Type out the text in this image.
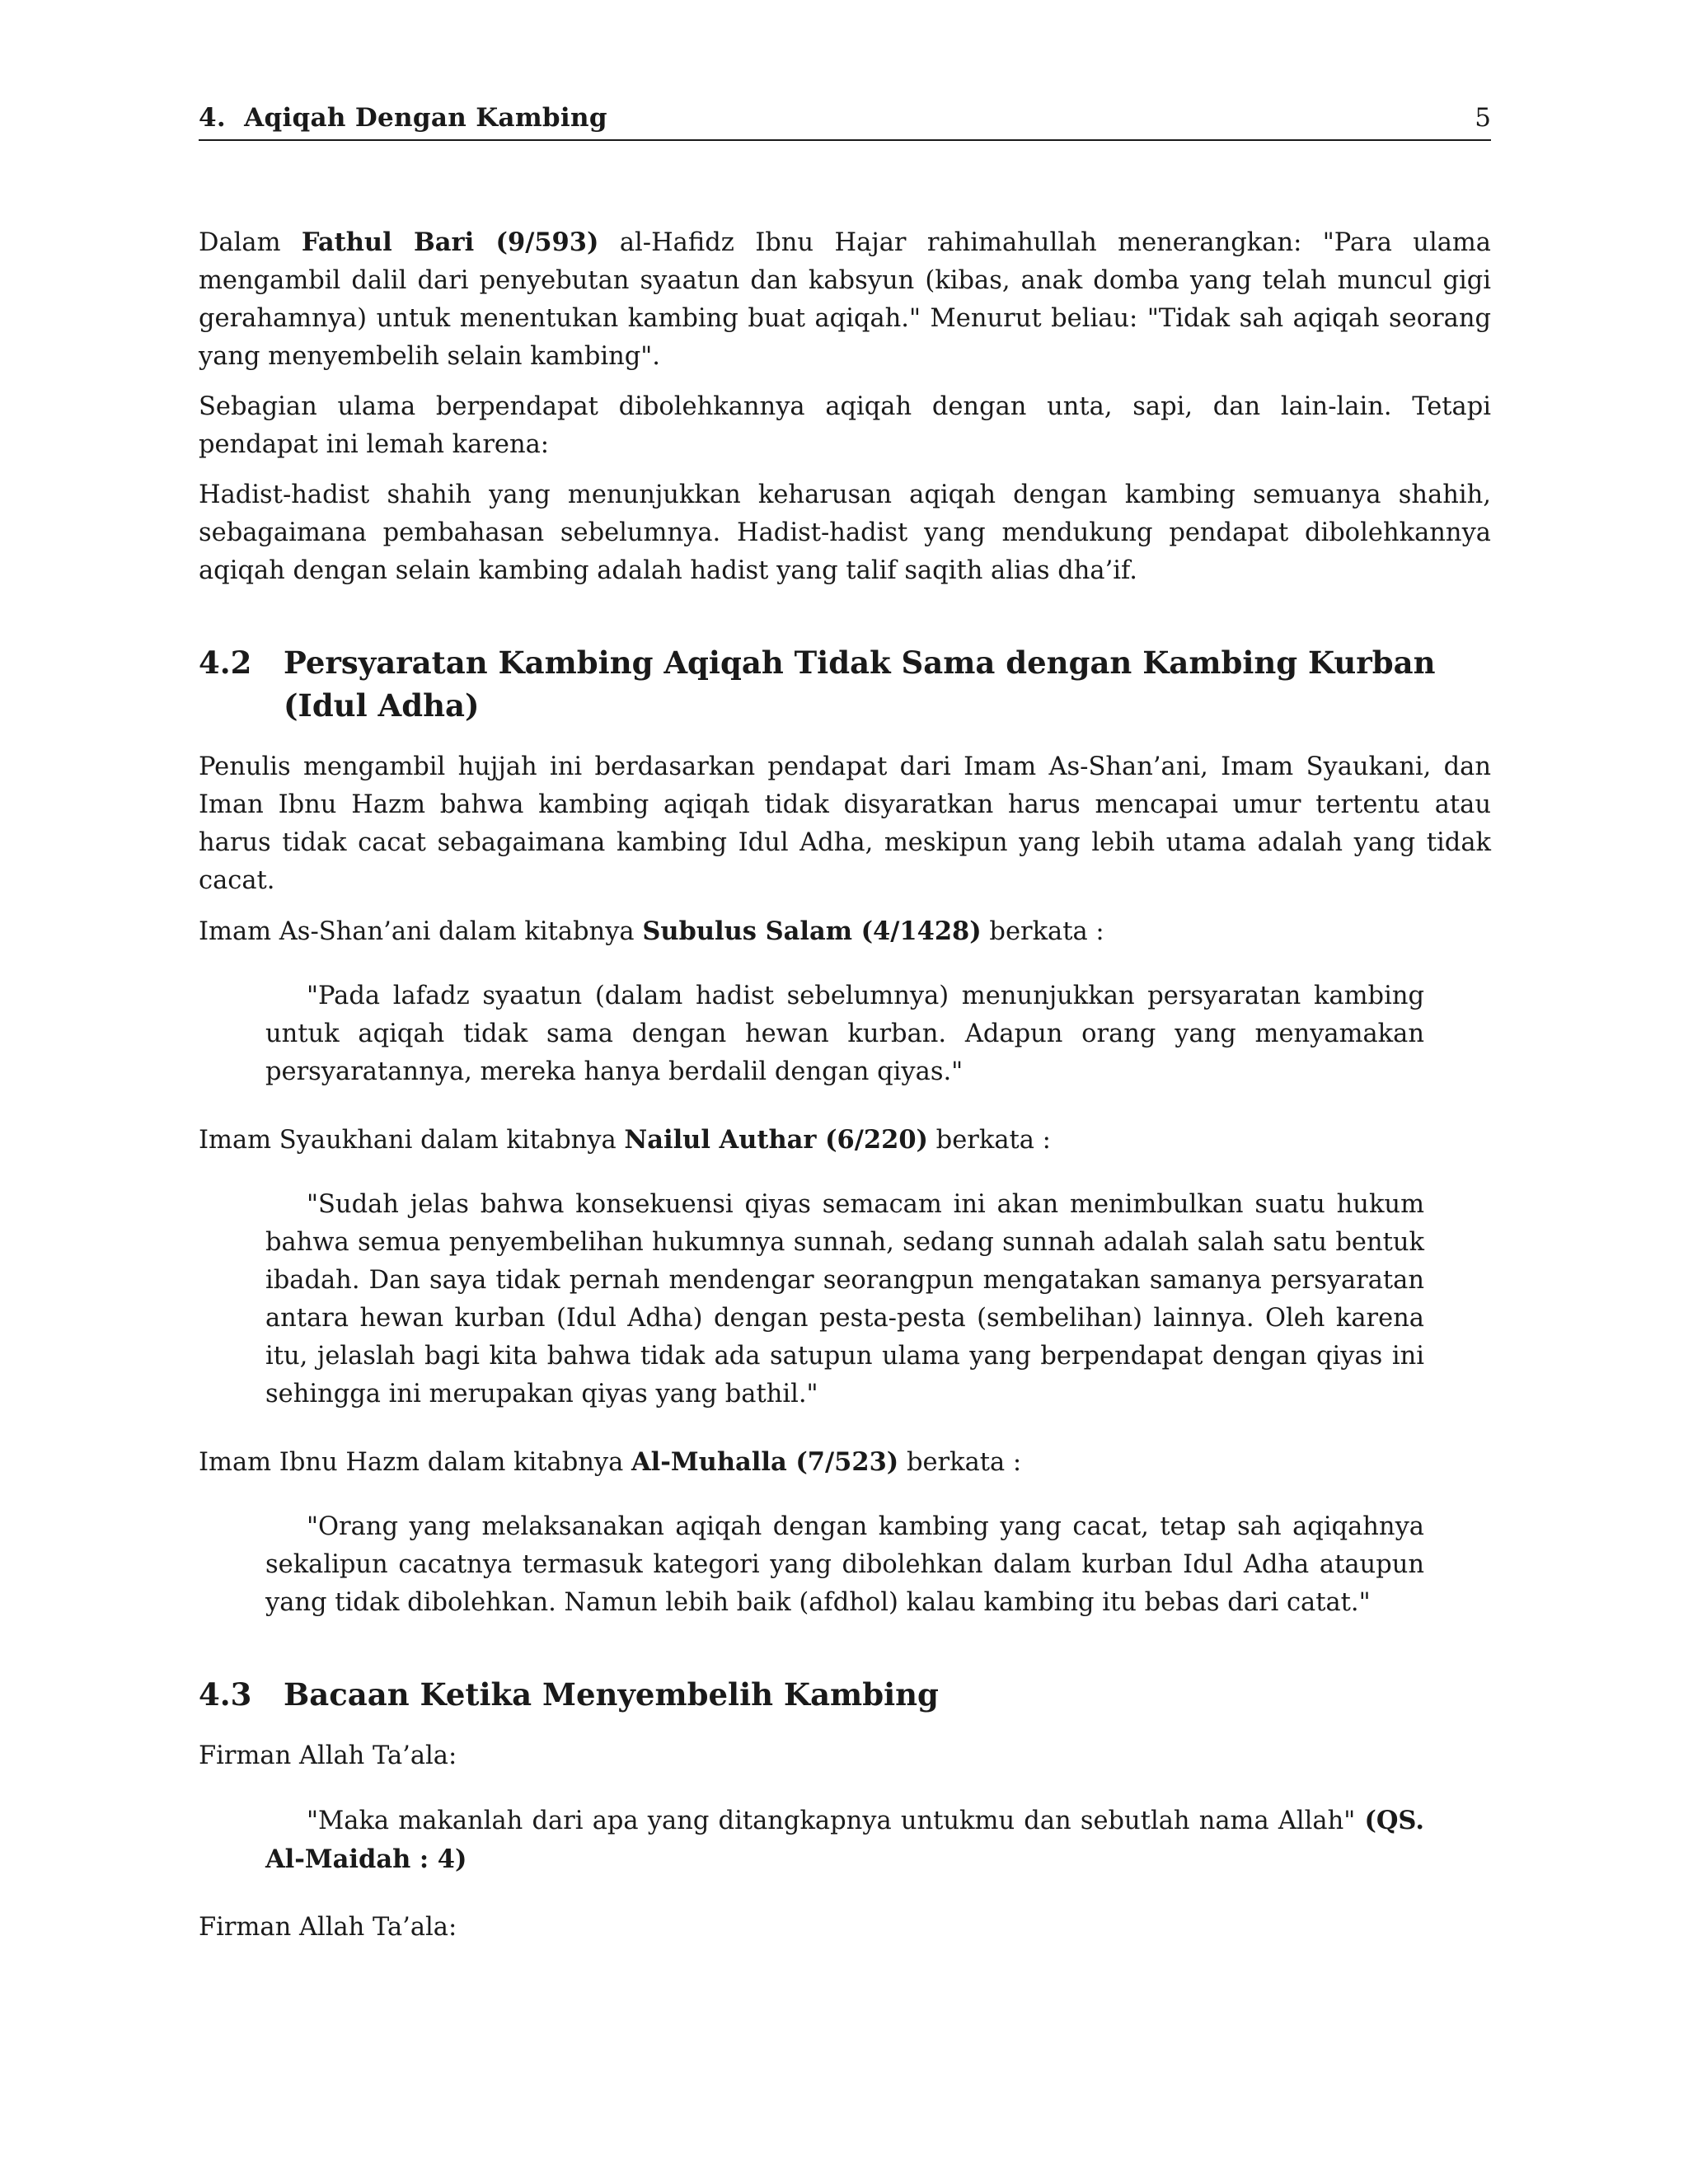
4. Aqiqah Dengan Kambing	5

Dalam Fathul Bari (9/593) al-Hafidz Ibnu Hajar rahimahullah menerangkan: "Para ulama mengambil dalil dari penyebutan syaatun dan kabsyun (kibas, anak domba yang telah muncul gigi gerahamnya) untuk menentukan kambing buat aqiqah." Menurut beliau: "Tidak sah aqiqah seorang yang menyembelih selain kambing".

Sebagian ulama berpendapat dibolehkannya aqiqah dengan unta, sapi, dan lain-lain. Tetapi pendapat ini lemah karena:

Hadist-hadist shahih yang menunjukkan keharusan aqiqah dengan kambing semuanya shahih, sebagaimana pembahasan sebelumnya. Hadist-hadist yang mendukung pendapat dibolehkannya aqiqah dengan selain kambing adalah hadist yang talif saqith alias dha’if.

4.2	Persyaratan Kambing Aqiqah Tidak Sama dengan Kambing Kurban (Idul Adha)

Penulis mengambil hujjah ini berdasarkan pendapat dari Imam As-Shan’ani, Imam Syaukani, dan Iman Ibnu Hazm bahwa kambing aqiqah tidak disyaratkan harus mencapai umur tertentu atau harus tidak cacat sebagaimana kambing Idul Adha, meskipun yang lebih utama adalah yang tidak cacat.

Imam As-Shan’ani dalam kitabnya Subulus Salam (4/1428) berkata :

"Pada lafadz syaatun (dalam hadist sebelumnya) menunjukkan persyaratan kambing untuk aqiqah tidak sama dengan hewan kurban. Adapun orang yang menyamakan persyaratannya, mereka hanya berdalil dengan qiyas."

Imam Syaukhani dalam kitabnya Nailul Authar (6/220) berkata :

"Sudah jelas bahwa konsekuensi qiyas semacam ini akan menimbulkan suatu hukum bahwa semua penyembelihan hukumnya sunnah, sedang sunnah adalah salah satu bentuk ibadah. Dan saya tidak pernah mendengar seorangpun mengatakan samanya persyaratan antara hewan kurban (Idul Adha) dengan pesta-pesta (sembelihan) lainnya. Oleh karena itu, jelaslah bagi kita bahwa tidak ada satupun ulama yang berpendapat dengan qiyas ini sehingga ini merupakan qiyas yang bathil."

Imam Ibnu Hazm dalam kitabnya Al-Muhalla (7/523) berkata :

"Orang yang melaksanakan aqiqah dengan kambing yang cacat, tetap sah aqiqahnya sekalipun cacatnya termasuk kategori yang dibolehkan dalam kurban Idul Adha ataupun yang tidak dibolehkan. Namun lebih baik (afdhol) kalau kambing itu bebas dari catat."

4.3	Bacaan Ketika Menyembelih Kambing

Firman Allah Ta’ala:

"Maka makanlah dari apa yang ditangkapnya untukmu dan sebutlah nama Allah" (QS. Al-Maidah : 4)

Firman Allah Ta’ala:
